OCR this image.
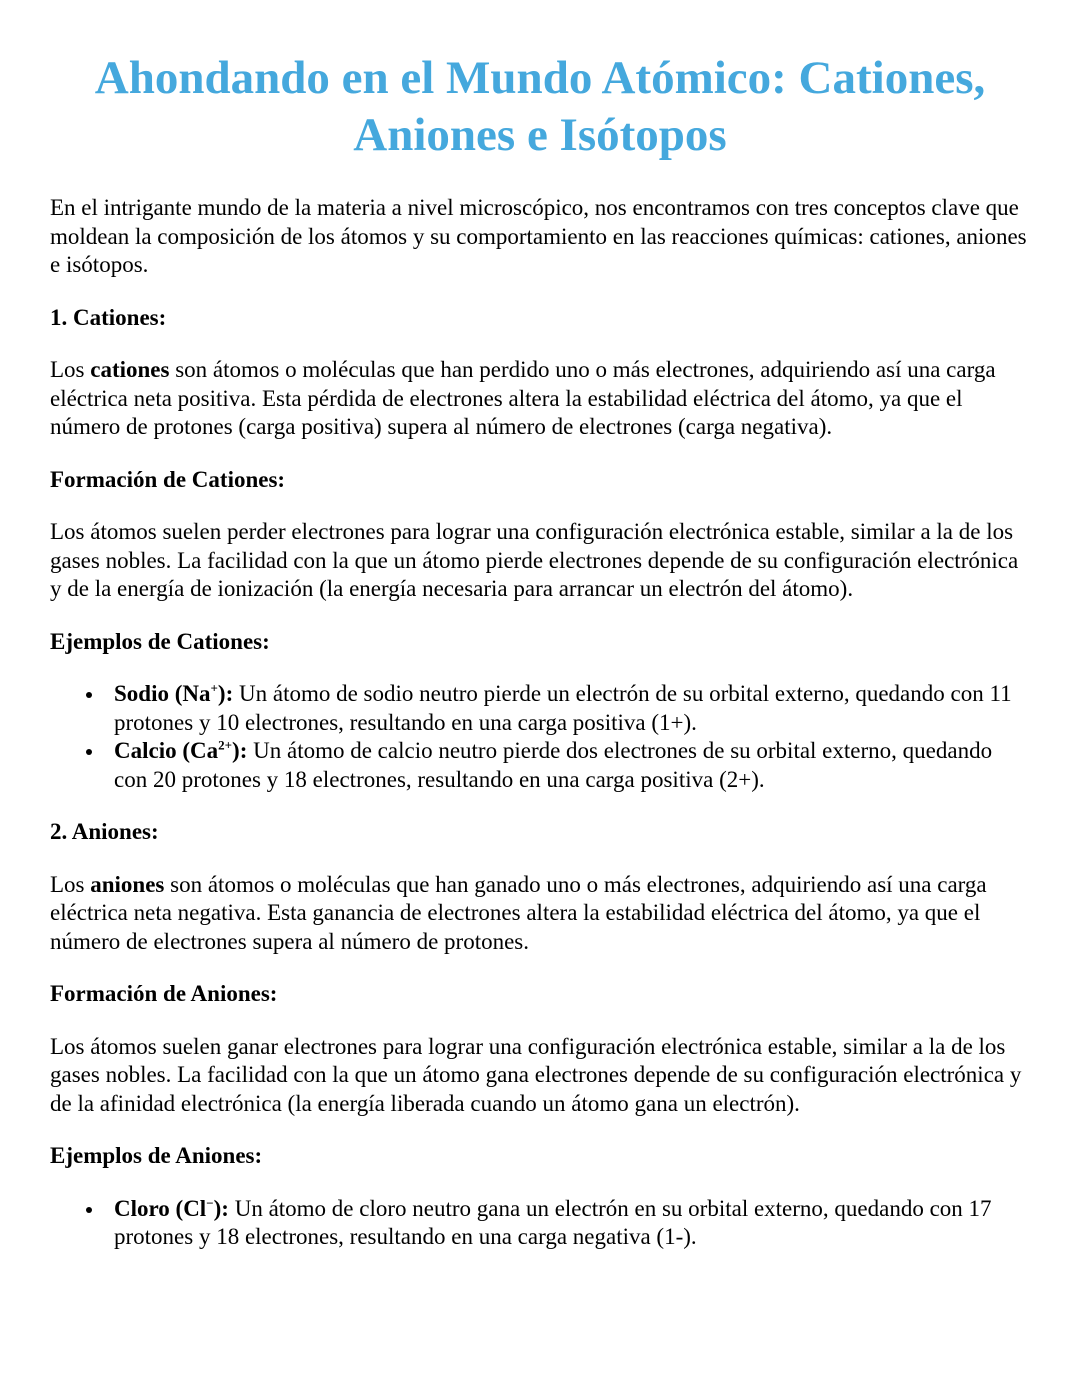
Ahondando en el Mundo Atómico: Cationes, Aniones e Isótopos

En el intrigante mundo de la materia a nivel microscópico, nos encontramos con tres conceptos clave que moldean la composición de los átomos y su comportamiento en las reacciones químicas: cationes, aniones e isótopos.

1. Cationes:

Los cationes son átomos o moléculas que han perdido uno o más electrones, adquiriendo así una carga eléctrica neta positiva. Esta pérdida de electrones altera la estabilidad eléctrica del átomo, ya que el número de protones (carga positiva) supera al número de electrones (carga negativa).

Formación de Cationes:

Los átomos suelen perder electrones para lograr una configuración electrónica estable, similar a la de los gases nobles. La facilidad con la que un átomo pierde electrones depende de su configuración electrónica y de la energía de ionización (la energía necesaria para arrancar un electrón del átomo).

Ejemplos de Cationes:

Sodio (Na+): Un átomo de sodio neutro pierde un electrón de su orbital externo, quedando con 11 protones y 10 electrones, resultando en una carga positiva (1+).
Calcio $(Ca^{2+})$: Un átomo de calcio neutro pierde dos electrones de su orbital externo, quedando con 20 protones y 18 electrones, resultando en una carga positiva (2+).

2. Aniones:

Los aniones son átomos o moléculas que han ganado uno o más electrones, adquiriendo así una carga eléctrica neta negativa. Esta ganancia de electrones altera la estabilidad eléctrica del átomo, ya que el número de electrones supera al número de protones.

Formación de Aniones:

Los átomos suelen ganar electrones para lograr una configuración electrónica estable, similar a la de los gases nobles. La facilidad con la que un átomo gana electrones depende de su configuración electrónica y de la afinidad electrónica (la energía liberada cuando un átomo gana un electrón).

Ejemplos de Aniones:

Cloro (Cl−): Un átomo de cloro neutro gana un electrón en su orbital externo, quedando con 17 protones y 18 electrones, resultando en una carga negativa (1-).
